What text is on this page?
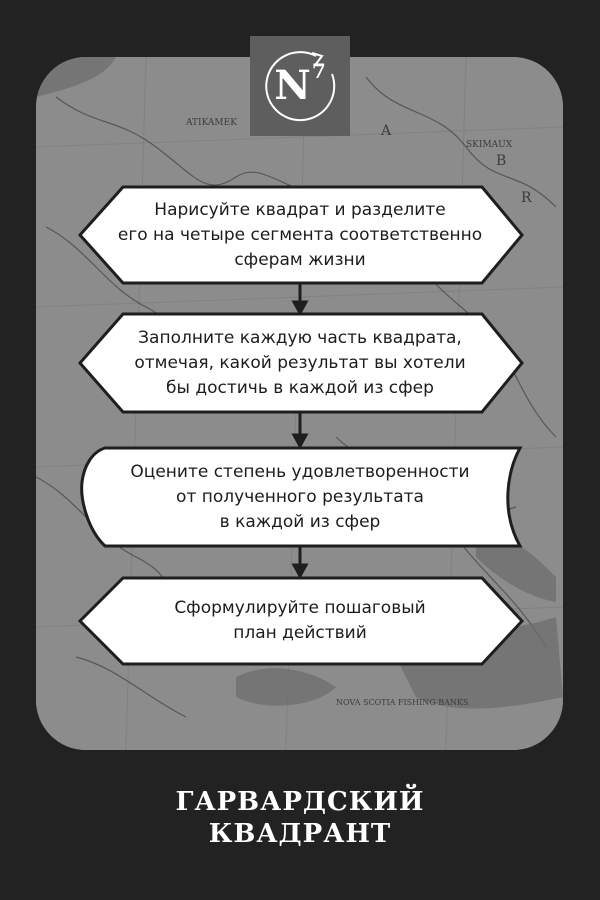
ATIKAMEK	A
B
R
SKIMAUX
NOVA SCOTIA FISHING BANKS
$N^7$
Нарисуйте квадрат и разделите
его на четыре сегмента соответственно
сферам жизни
Заполните каждую часть квадрата,
отмечая, какой результат вы хотели
бы достичь в каждой из сфер
Оцените степень удовлетворенности
от полученного результата
в каждой из сфер
Сформулируйте пошаговый
план действий
ГАРВАРДСКИЙ
КВАДРАНТ
